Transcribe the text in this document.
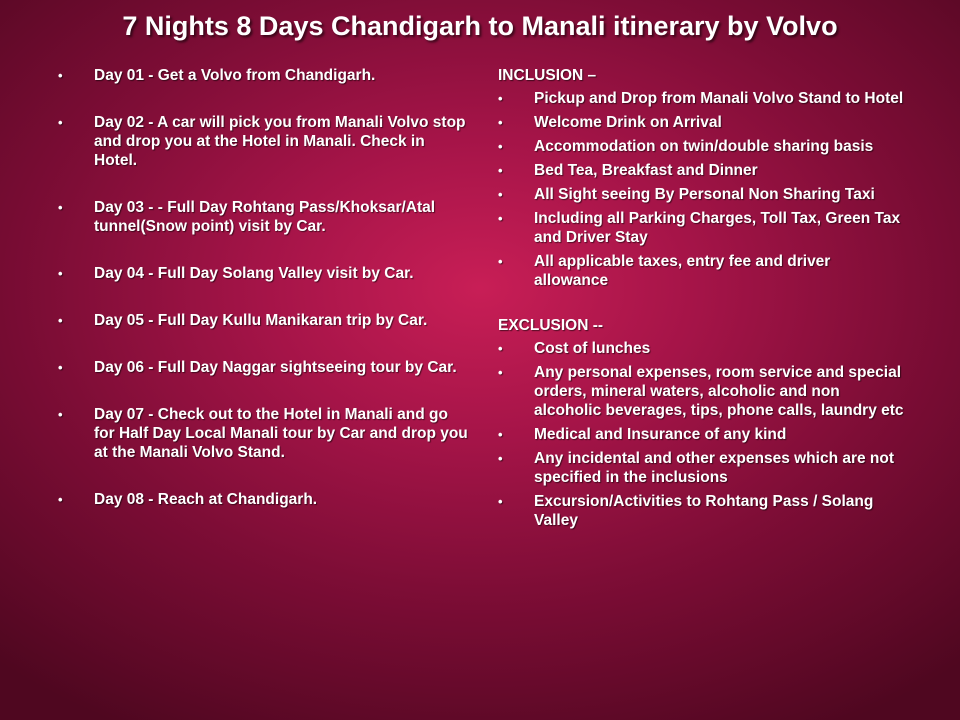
7 Nights 8 Days Chandigarh to Manali itinerary by Volvo
• Day 01 - Get a Volvo from Chandigarh.
• Day 02 - A car will pick you from Manali Volvo stop and drop you at the Hotel in Manali. Check in Hotel.
• Day 03 - - Full Day Rohtang Pass/Khoksar/Atal tunnel(Snow point) visit by Car.
• Day 04 - Full Day Solang Valley visit by Car.
• Day 05 - Full Day Kullu Manikaran trip by Car.
• Day 06 - Full Day Naggar sightseeing tour by Car.
• Day 07 - Check out to the Hotel in Manali and go for Half Day Local Manali tour by Car and drop you at the Manali Volvo Stand.
• Day 08 - Reach at Chandigarh.
INCLUSION –
• Pickup and Drop from Manali Volvo Stand to Hotel
• Welcome Drink on Arrival
• Accommodation on twin/double sharing basis
• Bed Tea, Breakfast and Dinner
• All Sight seeing By Personal Non Sharing Taxi
• Including all Parking Charges, Toll Tax, Green Tax and Driver Stay
• All applicable taxes, entry fee and driver allowance
EXCLUSION --
• Cost of lunches
• Any personal expenses, room service and special orders, mineral waters, alcoholic and non alcoholic beverages, tips, phone calls, laundry etc
• Medical and Insurance of any kind
• Any incidental and other expenses which are not specified in the inclusions
• Excursion/Activities to Rohtang Pass / Solang Valley
